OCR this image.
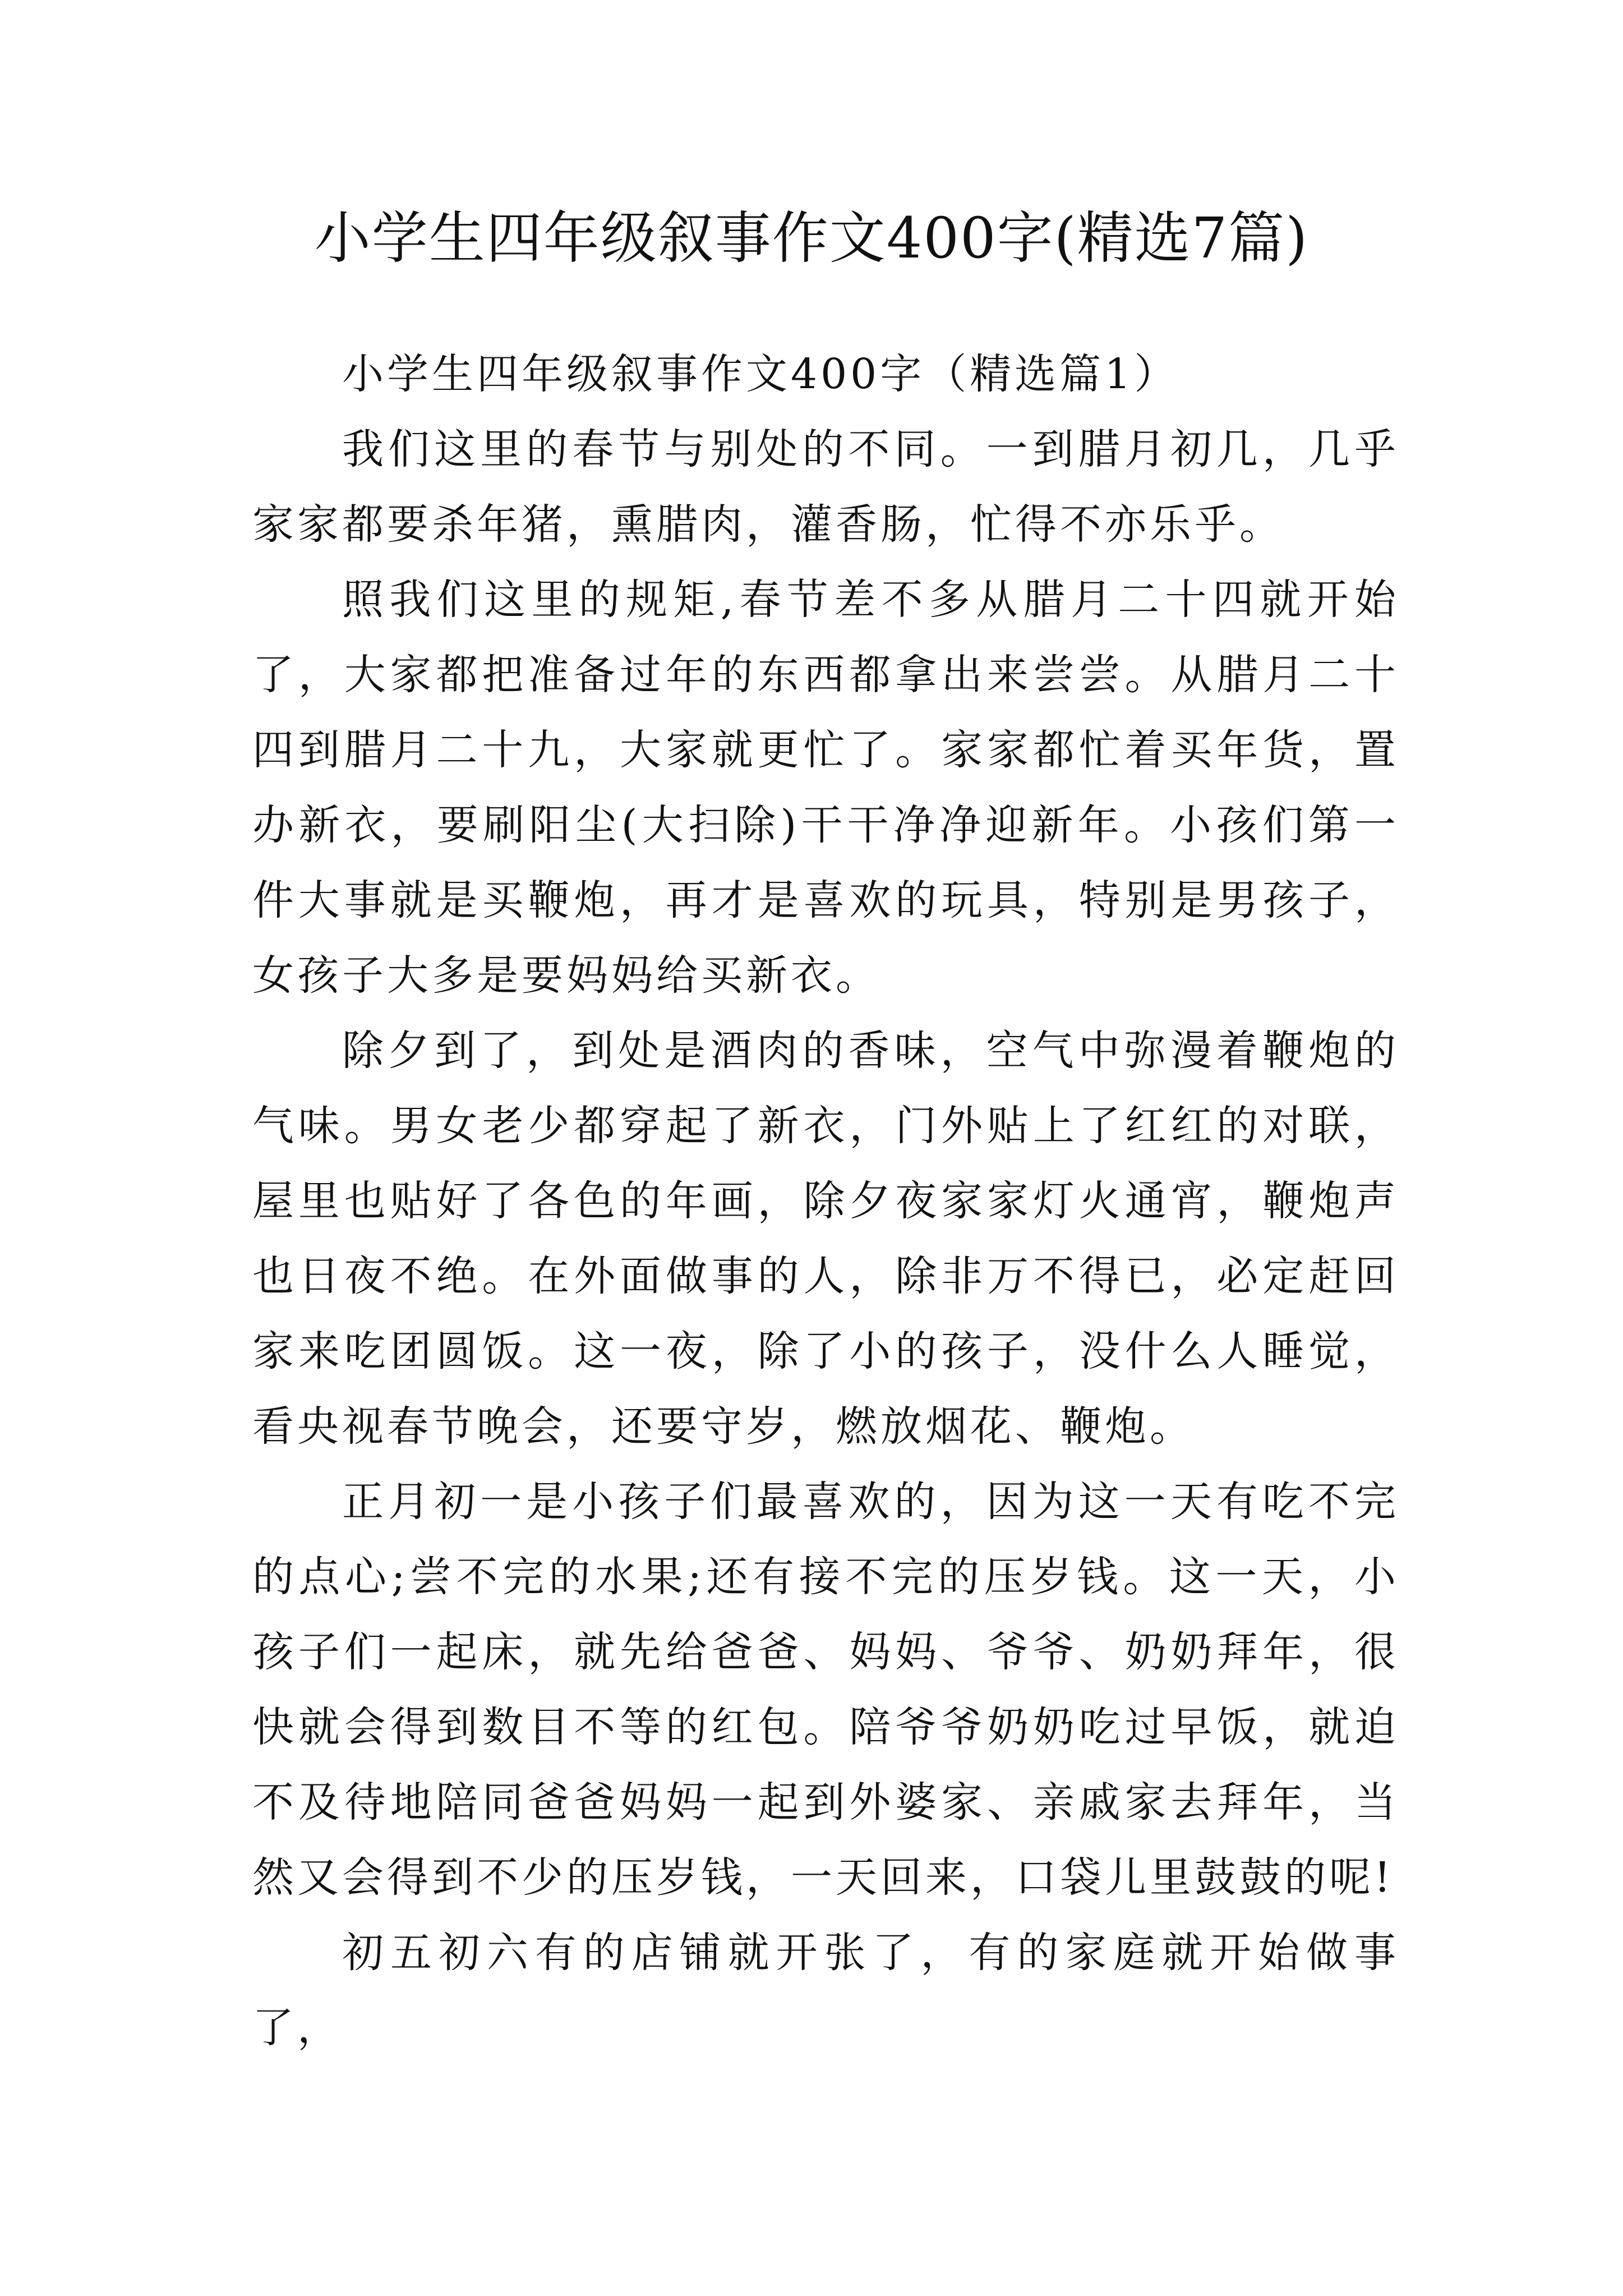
小学生四年级叙事作文400字(精选7篇)

小学生四年级叙事作文400字（精选篇1）

我们这里的春节与别处的不同。一到腊月初几，几乎家家都要杀年猪，熏腊肉，灌香肠，忙得不亦乐乎。

照我们这里的规矩,春节差不多从腊月二十四就开始了，大家都把准备过年的东西都拿出来尝尝。从腊月二十四到腊月二十九，大家就更忙了。家家都忙着买年货，置办新衣，要刷阳尘(大扫除)干干净净迎新年。小孩们第一件大事就是买鞭炮，再才是喜欢的玩具，特别是男孩子，女孩子大多是要妈妈给买新衣。

除夕到了，到处是酒肉的香味，空气中弥漫着鞭炮的气味。男女老少都穿起了新衣，门外贴上了红红的对联，屋里也贴好了各色的年画，除夕夜家家灯火通宵，鞭炮声也日夜不绝。在外面做事的人，除非万不得已，必定赶回家来吃团圆饭。这一夜，除了小的孩子，没什么人睡觉，看央视春节晚会，还要守岁，燃放烟花、鞭炮。

正月初一是小孩子们最喜欢的，因为这一天有吃不完的点心;尝不完的水果;还有接不完的压岁钱。这一天，小孩子们一起床，就先给爸爸、妈妈、爷爷、奶奶拜年，很快就会得到数目不等的红包。陪爷爷奶奶吃过早饭，就迫不及待地陪同爸爸妈妈一起到外婆家、亲戚家去拜年，当然又会得到不少的压岁钱，一天回来，口袋儿里鼓鼓的呢!

初五初六有的店铺就开张了，有的家庭就开始做事了，
